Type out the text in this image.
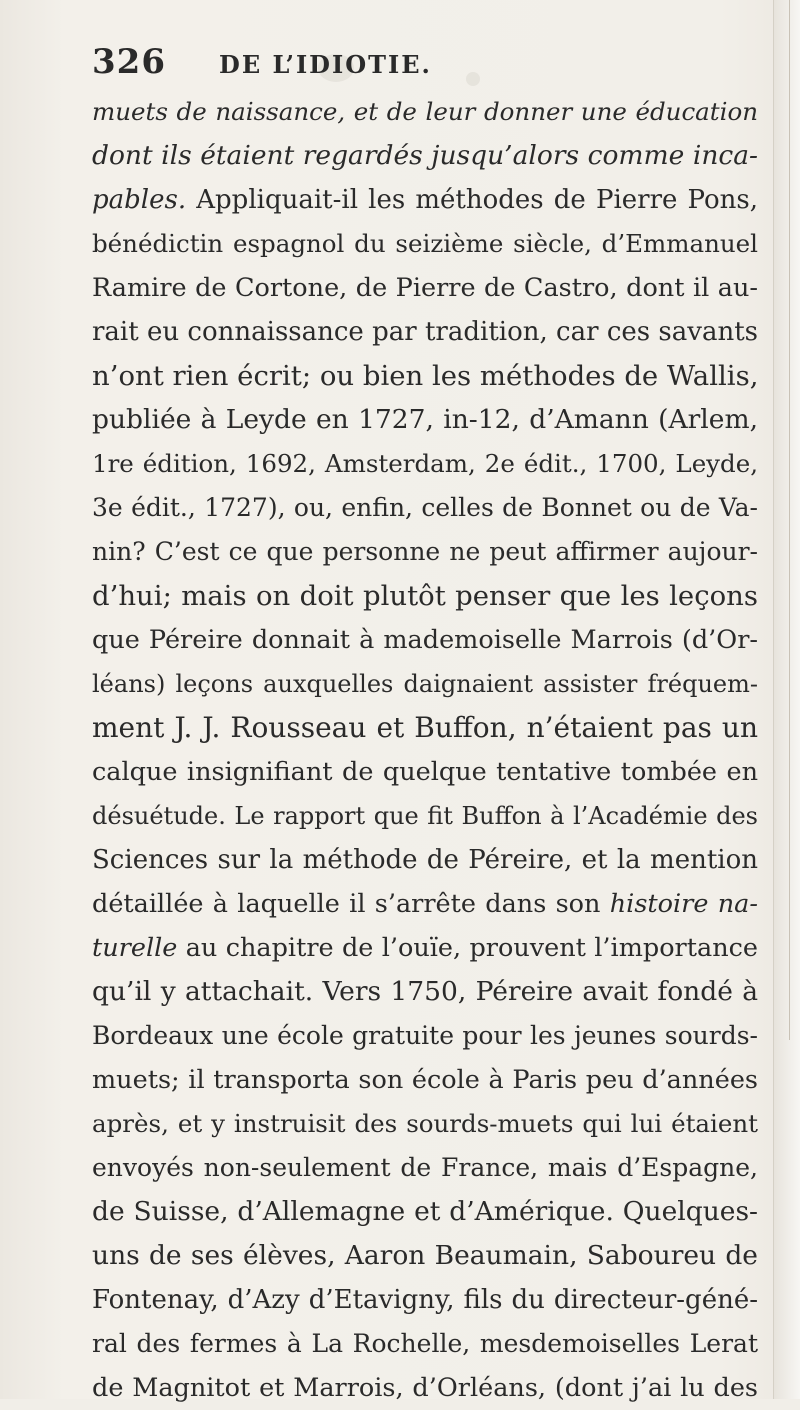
326 DE L’IDIOTIE.
muets de naissance, et de leur donner une éducation
dont ils étaient regardés jusqu’alors comme inca-
pables. Appliquait-il les méthodes de Pierre Pons,
bénédictin espagnol du seizième siècle, d’Emmanuel
Ramire de Cortone, de Pierre de Castro, dont il au-
rait eu connaissance par tradition, car ces savants
n’ont rien écrit; ou bien les méthodes de Wallis,
publiée à Leyde en 1727, in-12, d’Amann (Arlem,
1re édition, 1692, Amsterdam, 2e édit., 1700, Leyde,
3e édit., 1727), ou, enfin, celles de Bonnet ou de Va-
nin? C’est ce que personne ne peut affirmer aujour-
d’hui; mais on doit plutôt penser que les leçons
que Péreire donnait à mademoiselle Marrois (d’Or-
léans) leçons auxquelles daignaient assister fréquem-
ment J. J. Rousseau et Buffon, n’étaient pas un
calque insignifiant de quelque tentative tombée en
désuétude. Le rapport que fit Buffon à l’Académie des
Sciences sur la méthode de Péreire, et la mention
détaillée à laquelle il s’arrête dans son histoire na-
turelle au chapitre de l’ouïe, prouvent l’importance
qu’il y attachait. Vers 1750, Péreire avait fondé à
Bordeaux une école gratuite pour les jeunes sourds-
muets; il transporta son école à Paris peu d’années
après, et y instruisit des sourds-muets qui lui étaient
envoyés non-seulement de France, mais d’Espagne,
de Suisse, d’Allemagne et d’Amérique. Quelques-
uns de ses élèves, Aaron Beaumain, Saboureu de
Fontenay, d’Azy d’Etavigny, fils du directeur-géné-
ral des fermes à La Rochelle, mesdemoiselles Lerat
de Magnitot et Marrois, d’Orléans, (dont j’ai lu des
